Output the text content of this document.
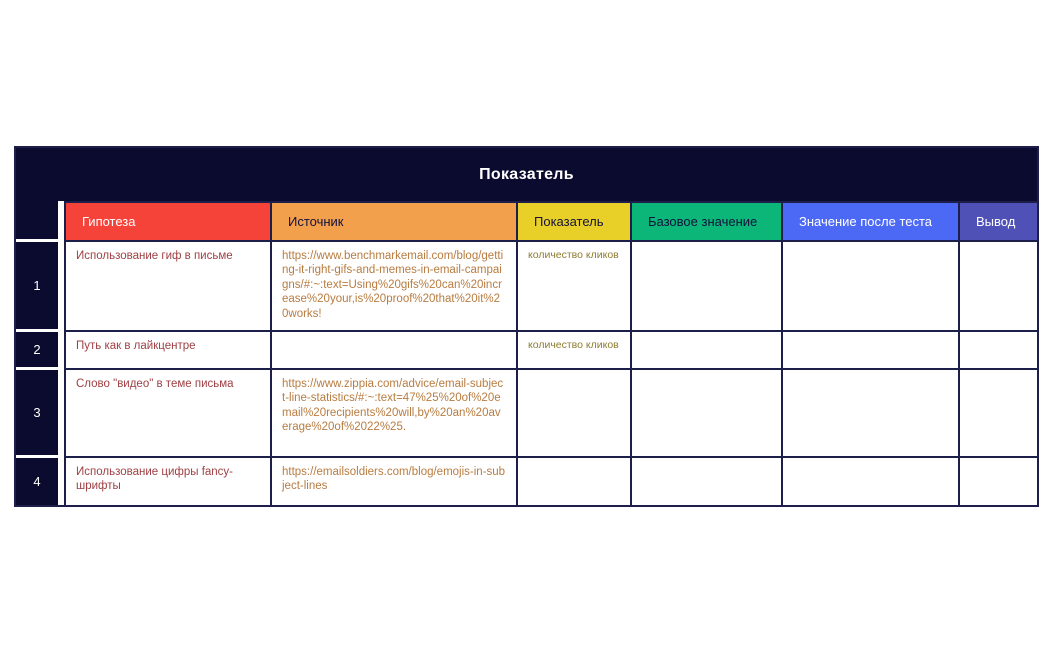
Показатель							
		Гипотеза	Источник	Показатель	Базовое значение	Значение после теста	Вывод
1		Использование гиф в письме	https://www.benchmarkemail.com/blog/getting-it-right-gifs-and-memes-in-email-campaigns/#:~:text=Using%20gifs%20can%20increase%20your,is%20proof%20that%20it%20works!	количество кликов			
2		Путь как в лайкцентре		количество кликов			
3		Слово "видео" в теме письма	https://www.zippia.com/advice/email-subject-line-statistics/#:~:text=47%25%20of%20email%20recipients%20will,by%20an%20average%20of%2022%25.				
4		Использование цифры fancy-шрифты	https://emailsoldiers.com/blog/emojis-in-subject-lines				
